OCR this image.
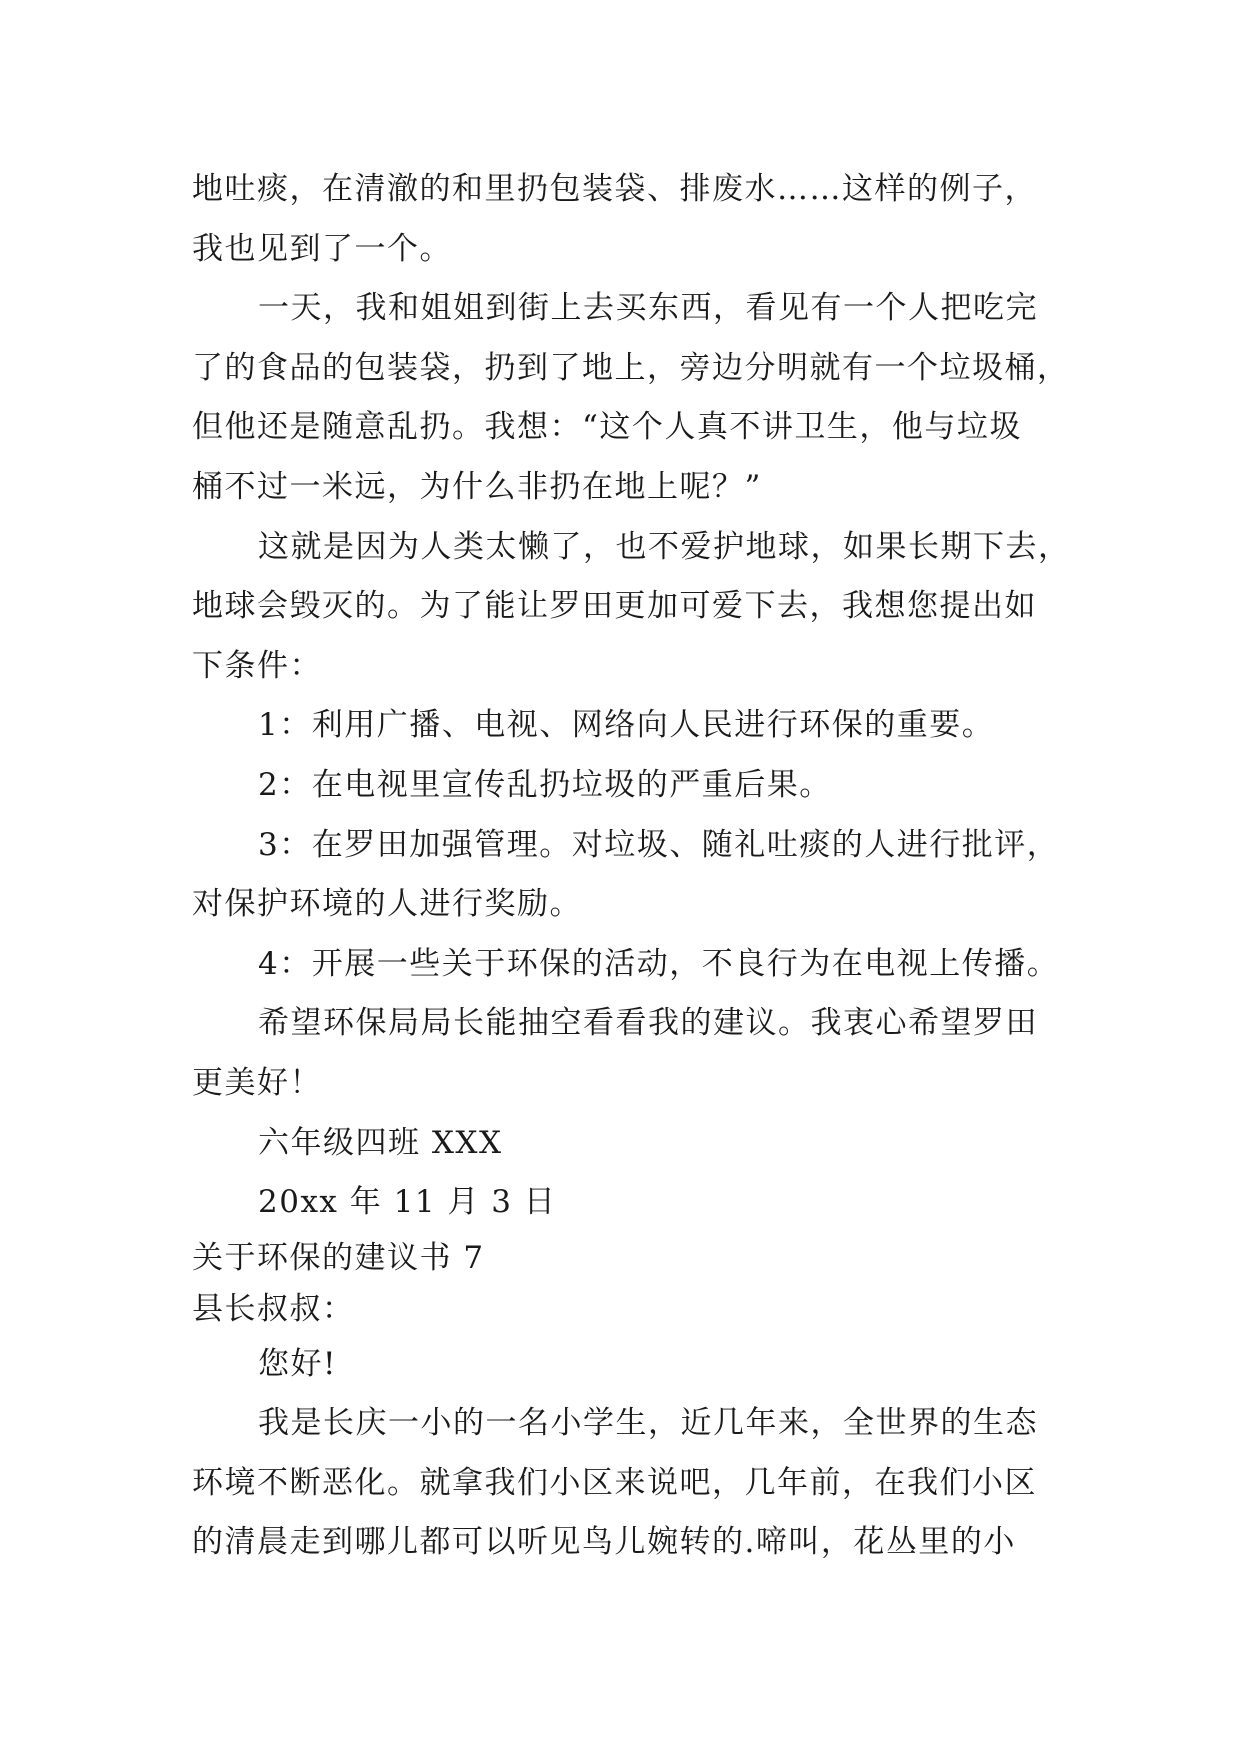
地吐痰，在清澈的和里扔包装袋、排废水……这样的例子，
我也见到了一个。
一天，我和姐姐到街上去买东西，看见有一个人把吃完
了的食品的包装袋，扔到了地上，旁边分明就有一个垃圾桶，
但他还是随意乱扔。我想：“这个人真不讲卫生，他与垃圾
桶不过一米远，为什么非扔在地上呢？”
这就是因为人类太懒了，也不爱护地球，如果长期下去，
地球会毁灭的。为了能让罗田更加可爱下去，我想您提出如
下条件：
1：利用广播、电视、网络向人民进行环保的重要。
2：在电视里宣传乱扔垃圾的严重后果。
3：在罗田加强管理。对垃圾、随礼吐痰的人进行批评，
对保护环境的人进行奖励。
4：开展一些关于环保的活动，不良行为在电视上传播。
希望环保局局长能抽空看看我的建议。我衷心希望罗田
更美好！
六年级四班 XXX
20xx 年 11 月 3 日
关于环保的建议书 7
县长叔叔：
您好!
我是长庆一小的一名小学生，近几年来，全世界的生态
环境不断恶化。就拿我们小区来说吧，几年前，在我们小区
的清晨走到哪儿都可以听见鸟儿婉转的.啼叫，花丛里的小
